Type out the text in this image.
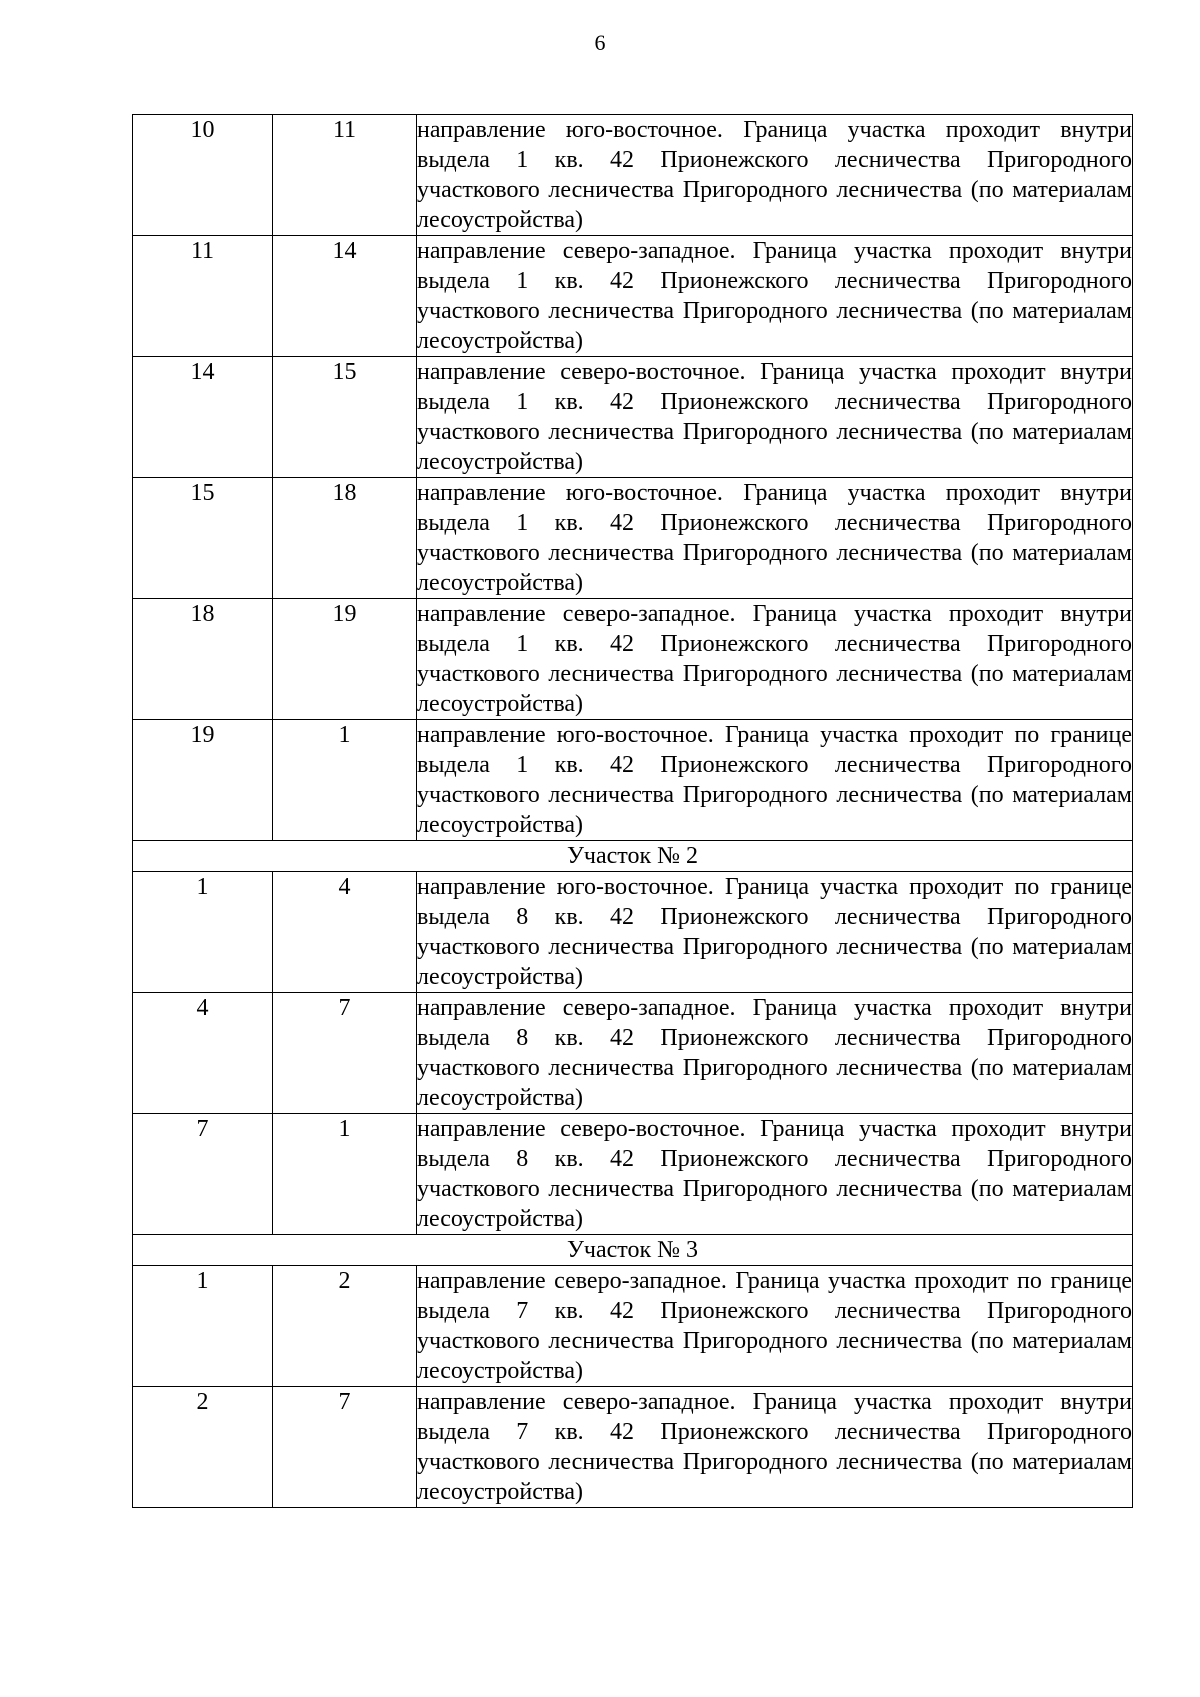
6
10	11	направление юго-восточное. Граница участка проходит внутри выдела 1 кв. 42 Прионежского лесничества Пригородного участкового лесничества Пригородного лесничества (по материалам лесоустройства)
11	14	направление северо-западное. Граница участка проходит внутри выдела 1 кв. 42 Прионежского лесничества Пригородного участкового лесничества Пригородного лесничества (по материалам лесоустройства)
14	15	направление северо-восточное. Граница участка проходит внутри выдела 1 кв. 42 Прионежского лесничества Пригородного участкового лесничества Пригородного лесничества (по материалам лесоустройства)
15	18	направление юго-восточное. Граница участка проходит внутри выдела 1 кв. 42 Прионежского лесничества Пригородного участкового лесничества Пригородного лесничества (по материалам лесоустройства)
18	19	направление северо-западное. Граница участка проходит внутри выдела 1 кв. 42 Прионежского лесничества Пригородного участкового лесничества Пригородного лесничества (по материалам лесоустройства)
19	1	направление юго-восточное. Граница участка проходит по границе выдела 1 кв. 42 Прионежского лесничества Пригородного участкового лесничества Пригородного лесничества (по материалам лесоустройства)
Участок № 2		
1	4	направление юго-восточное. Граница участка проходит по границе выдела 8 кв. 42 Прионежского лесничества Пригородного участкового лесничества Пригородного лесничества (по материалам лесоустройства)
4	7	направление северо-западное. Граница участка проходит внутри выдела 8 кв. 42 Прионежского лесничества Пригородного участкового лесничества Пригородного лесничества (по материалам лесоустройства)
7	1	направление северо-восточное. Граница участка проходит внутри выдела 8 кв. 42 Прионежского лесничества Пригородного участкового лесничества Пригородного лесничества (по материалам лесоустройства)
Участок № 3		
1	2	направление северо-западное. Граница участка проходит по границе выдела 7 кв. 42 Прионежского лесничества Пригородного участкового лесничества Пригородного лесничества (по материалам лесоустройства)
2	7	направление северо-западное. Граница участка проходит внутри выдела 7 кв. 42 Прионежского лесничества Пригородного участкового лесничества Пригородного лесничества (по материалам лесоустройства)
